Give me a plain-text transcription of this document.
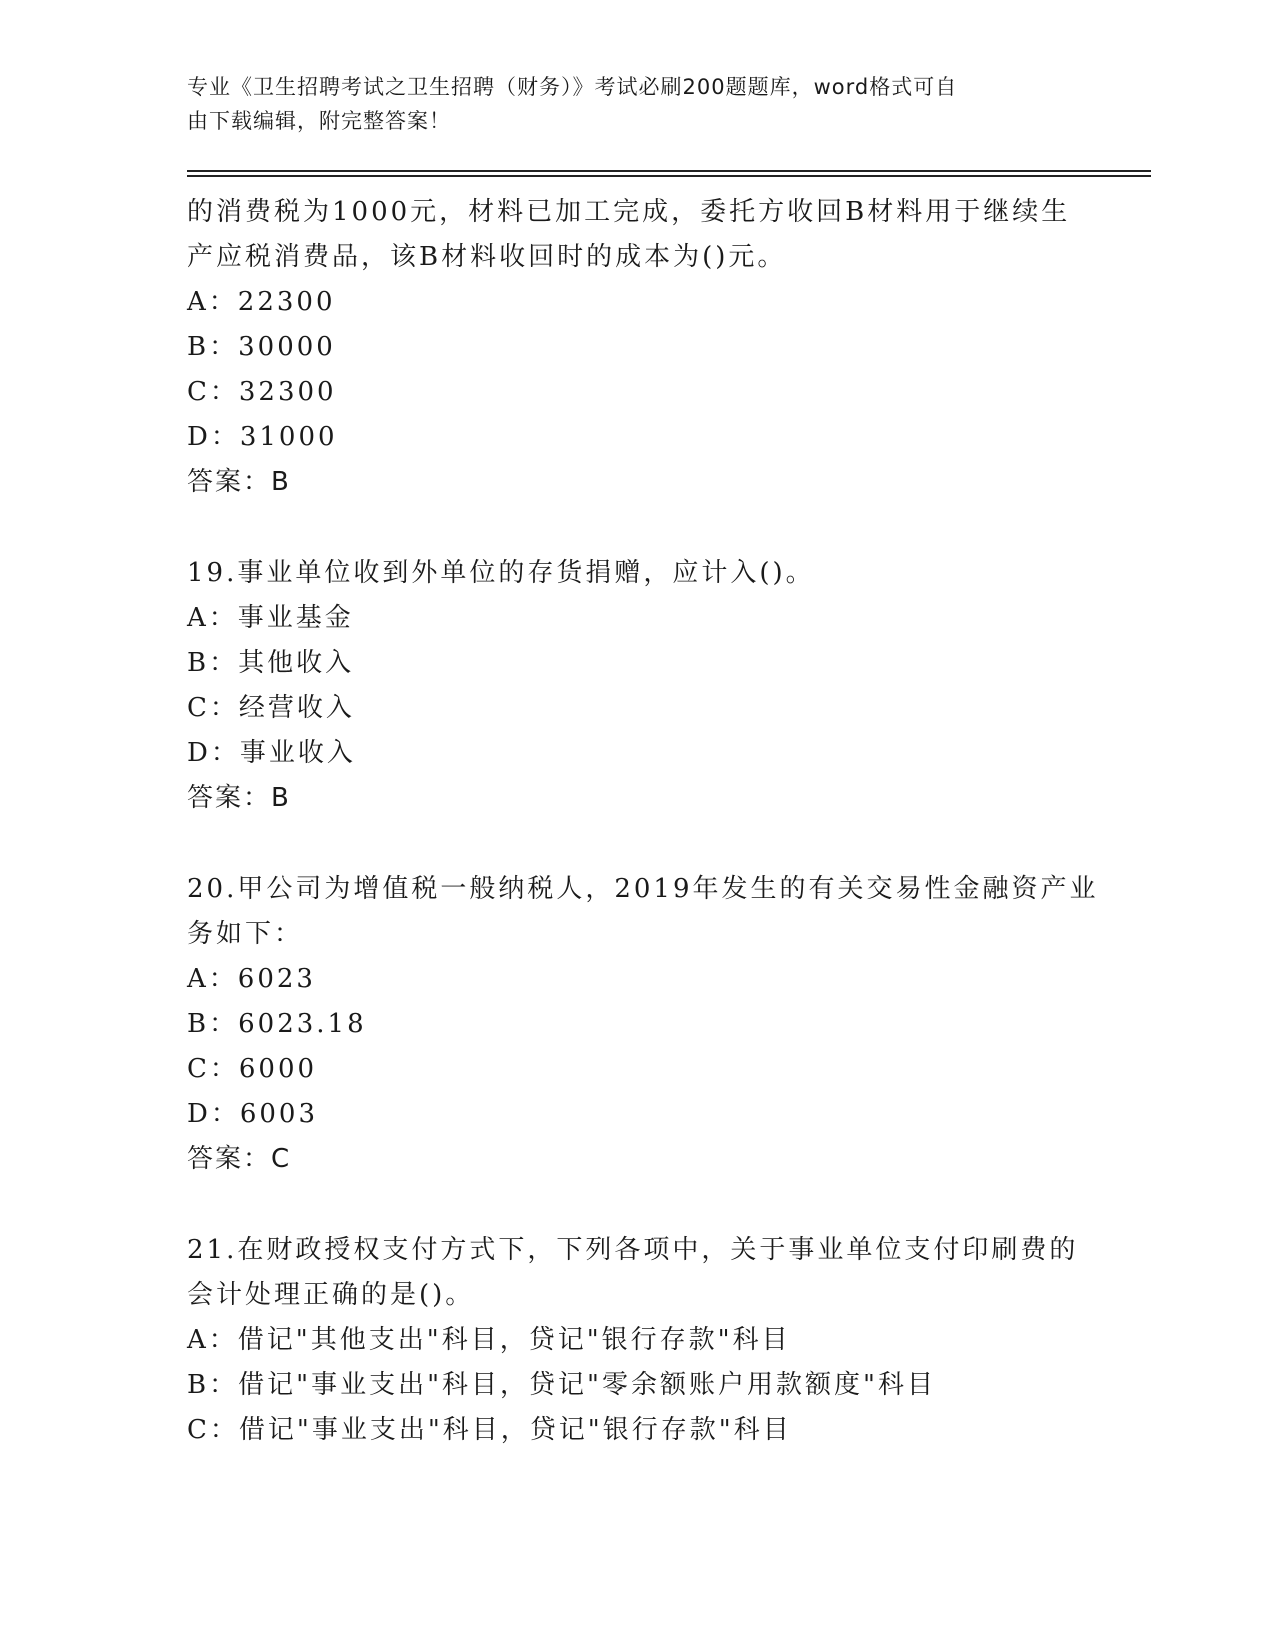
专业《卫生招聘考试之卫生招聘（财务）》考试必刷200题题库，word格式可自
由下载编辑，附完整答案！
的消费税为1000元，材料已加工完成，委托方收回B材料用于继续生
产应税消费品，该B材料收回时的成本为()元。
A：22300
B：30000
C：32300
D：31000
答案：B
19.事业单位收到外单位的存货捐赠，应计入()。
A：事业基金
B：其他收入
C：经营收入
D：事业收入
答案：B
20.甲公司为增值税一般纳税人，2019年发生的有关交易性金融资产业
务如下：
A：6023
B：6023.18
C：6000
D：6003
答案：C
21.在财政授权支付方式下，下列各项中，关于事业单位支付印刷费的
会计处理正确的是()。
A：借记"其他支出"科目，贷记"银行存款"科目
B：借记"事业支出"科目，贷记"零余额账户用款额度"科目
C：借记"事业支出"科目，贷记"银行存款"科目
